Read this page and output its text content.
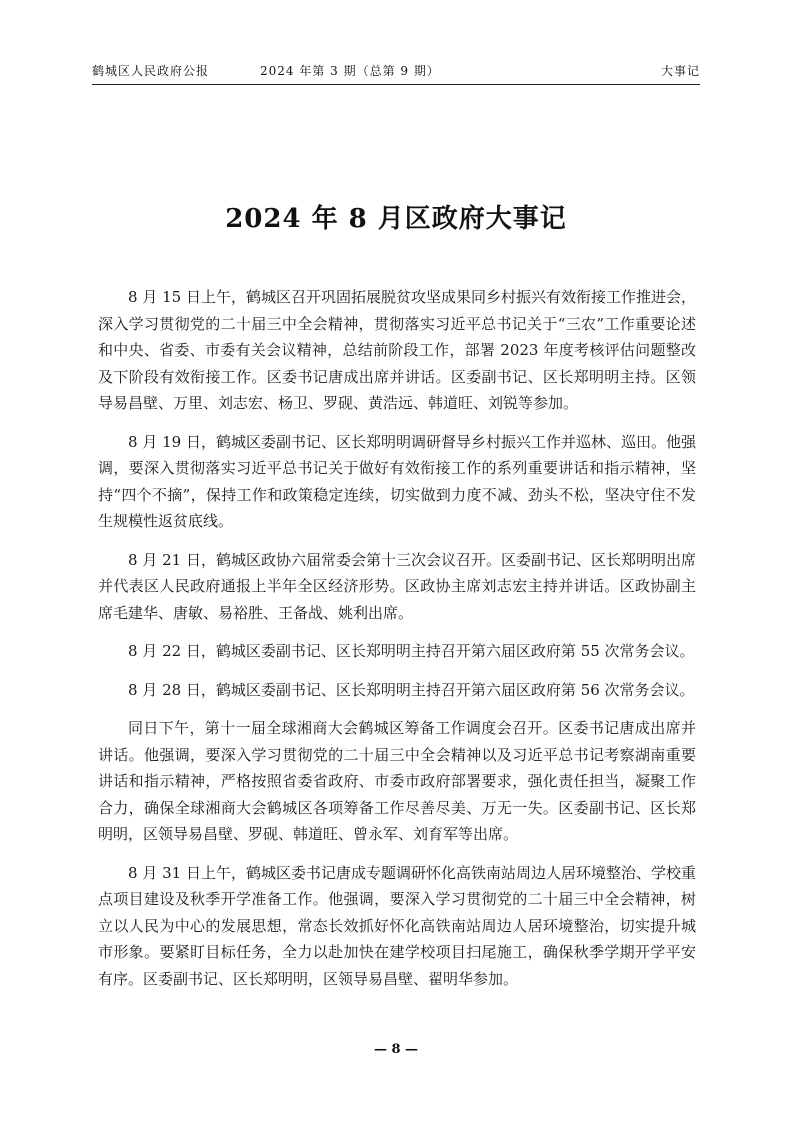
鹤城区人民政府公报	2024 年第 3 期（总第 9 期）	大事记
2024 年 8 月区政府大事记

8 月 15 日上午，鹤城区召开巩固拓展脱贫攻坚成果同乡村振兴有效衔接工作推进会，深入学习贯彻党的二十届三中全会精神，贯彻落实习近平总书记关于“三农”工作重要论述和中央、省委、市委有关会议精神，总结前阶段工作，部署 2023 年度考核评估问题整改及下阶段有效衔接工作。区委书记唐成出席并讲话。区委副书记、区长郑明明主持。区领导易昌壁、万里、刘志宏、杨卫、罗砚、黄浩远、韩道旺、刘锐等参加。

8 月 19 日，鹤城区委副书记、区长郑明明调研督导乡村振兴工作并巡林、巡田。他强调，要深入贯彻落实习近平总书记关于做好有效衔接工作的系列重要讲话和指示精神，坚持“四个不摘”，保持工作和政策稳定连续，切实做到力度不减、劲头不松，坚决守住不发生规模性返贫底线。

8 月 21 日，鹤城区政协六届常委会第十三次会议召开。区委副书记、区长郑明明出席并代表区人民政府通报上半年全区经济形势。区政协主席刘志宏主持并讲话。区政协副主席毛建华、唐敏、易裕胜、王备战、姚利出席。

8 月 22 日，鹤城区委副书记、区长郑明明主持召开第六届区政府第 55 次常务会议。

8 月 28 日，鹤城区委副书记、区长郑明明主持召开第六届区政府第 56 次常务会议。

同日下午，第十一届全球湘商大会鹤城区筹备工作调度会召开。区委书记唐成出席并讲话。他强调，要深入学习贯彻党的二十届三中全会精神以及习近平总书记考察湖南重要讲话和指示精神，严格按照省委省政府、市委市政府部署要求，强化责任担当，凝聚工作合力，确保全球湘商大会鹤城区各项筹备工作尽善尽美、万无一失。区委副书记、区长郑明明，区领导易昌壁、罗砚、韩道旺、曾永军、刘育军等出席。

8 月 31 日上午，鹤城区委书记唐成专题调研怀化高铁南站周边人居环境整治、学校重点项目建设及秋季开学准备工作。他强调，要深入学习贯彻党的二十届三中全会精神，树立以人民为中心的发展思想，常态长效抓好怀化高铁南站周边人居环境整治，切实提升城市形象。要紧盯目标任务，全力以赴加快在建学校项目扫尾施工，确保秋季学期开学平安有序。区委副书记、区长郑明明，区领导易昌壁、翟明华参加。

— 8 —
